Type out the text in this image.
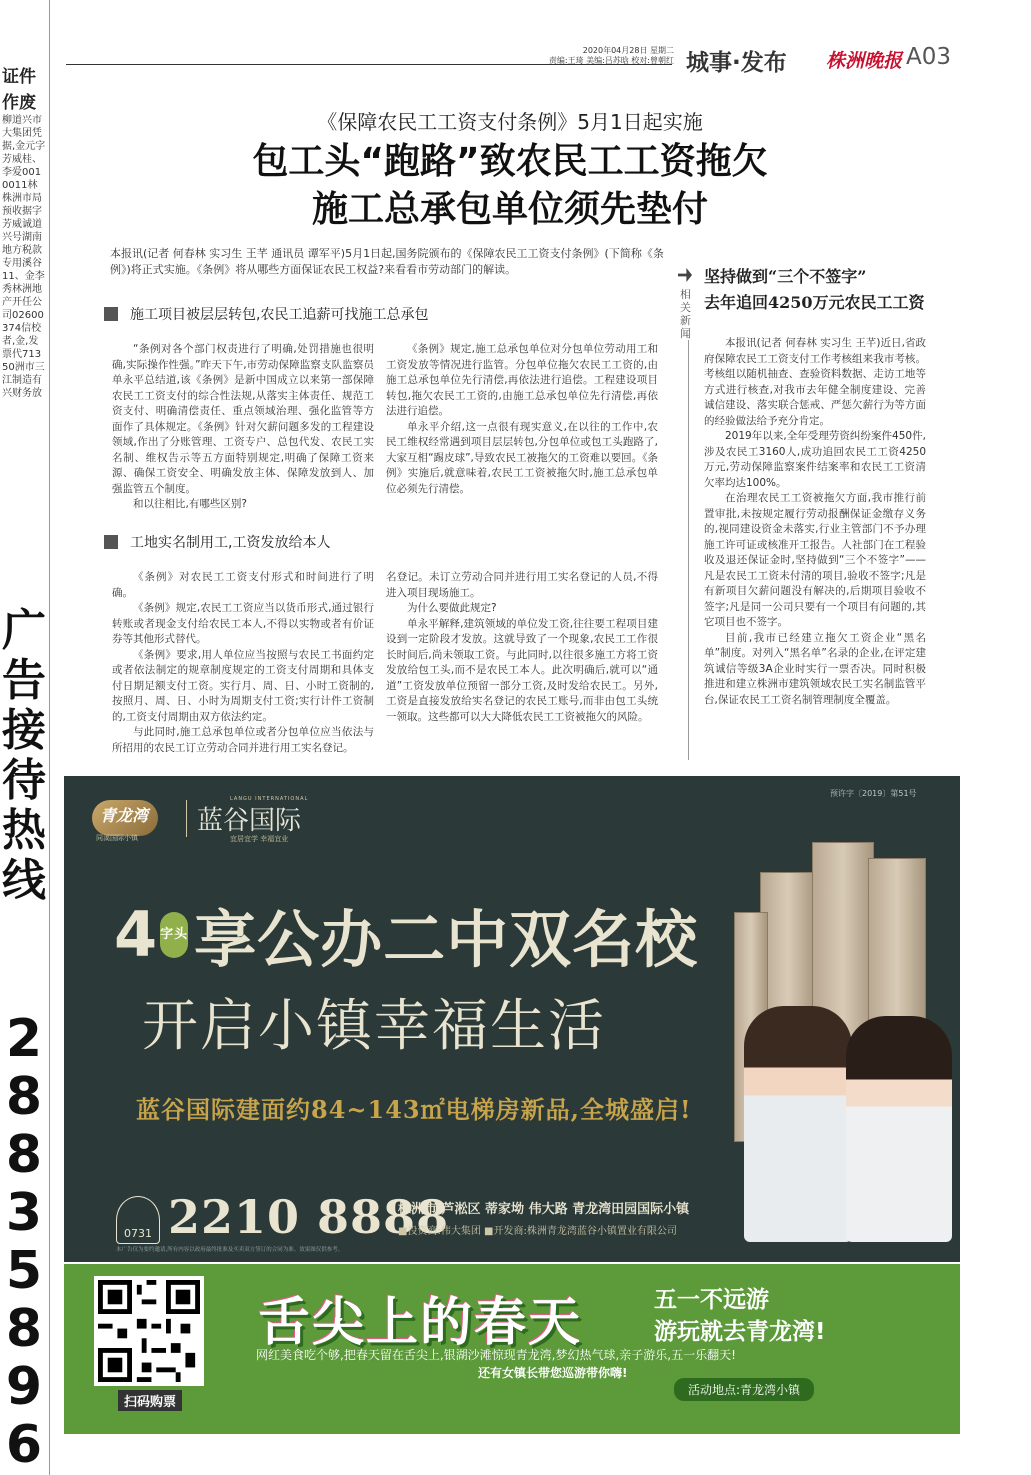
证件作废
柳道兴市大集团凭据,金元字芳威桂、李爱0010011林株洲市局预收据字芳威诚道兴号湖南地方税款专用溪谷11、金李秀林洲地产开任公司02600374信校者,金,发票代71350洲市三江制造有兴财务放
广告接待热线
28835896
2020年04月28日 星期二
责编:王琦 美编:吕苏晗 校对:曾朝红 城事·发布 株洲晚报 A03
《保障农民工工资支付条例》5月1日起实施
包工头“跑路”致农民工工资拖欠
施工总承包单位须先垫付
本报讯(记者 何春林 实习生 王芊 通讯员 谭军平)5月1日起,国务院颁布的《保障农民工工资支付条例》(下简称《条例》)将正式实施。《条例》将从哪些方面保证农民工权益?来看看市劳动部门的解读。
施工项目被层层转包,农民工追薪可找施工总承包

“条例对各个部门权责进行了明确,处罚措施也很明确,实际操作性强。”昨天下午,市劳动保障监察支队监察员单永平总结道,该《条例》是新中国成立以来第一部保障农民工工资支付的综合性法规,从落实主体责任、规范工资支付、明确清偿责任、重点领域治理、强化监管等方面作了具体规定。《条例》针对欠薪问题多发的工程建设领域,作出了分账管理、工资专户、总包代发、农民工实名制、维权告示等五方面特别规定,明确了保障工资来源、确保工资安全、明确发放主体、保障发放到人、加强监管五个制度。

和以往相比,有哪些区别?

《条例》规定,施工总承包单位对分包单位劳动用工和工资发放等情况进行监管。分包单位拖欠农民工工资的,由施工总承包单位先行清偿,再依法进行追偿。工程建设项目转包,拖欠农民工工资的,由施工总承包单位先行清偿,再依法进行追偿。

单永平介绍,这一点很有现实意义,在以往的工作中,农民工维权经常遇到项目层层转包,分包单位或包工头跑路了,大家互相“踢皮球”,导致农民工被拖欠的工资难以要回。《条例》实施后,就意味着,农民工工资被拖欠时,施工总承包单位必须先行清偿。

工地实名制用工,工资发放给本人

《条例》对农民工工资支付形式和时间进行了明确。

《条例》规定,农民工工资应当以货币形式,通过银行转账或者现金支付给农民工本人,不得以实物或者有价证券等其他形式替代。

《条例》要求,用人单位应当按照与农民工书面约定或者依法制定的规章制度规定的工资支付周期和具体支付日期足额支付工资。实行月、周、日、小时工资制的,按照月、周、日、小时为周期支付工资;实行计件工资制的,工资支付周期由双方依法约定。

与此同时,施工总承包单位或者分包单位应当依法与所招用的农民工订立劳动合同并进行用工实名登记。

名登记。未订立劳动合同并进行用工实名登记的人员,不得进入项目现场施工。

为什么要做此规定?

单永平解释,建筑领域的单位发工资,往往要工程项目建设到一定阶段才发放。这就导致了一个现象,农民工工作很长时间后,尚未领取工资。与此同时,以往很多施工方将工资发放给包工头,而不是农民工本人。此次明确后,就可以“通道”工资发放单位预留一部分工资,及时发给农民工。另外,工资是直接发放给实名登记的农民工账号,而非由包工头统一领取。这些都可以大大降低农民工工资被拖欠的风险。

相关新闻
坚持做到“三个不签字”
去年追回4250万元农民工工资

本报讯(记者 何春林 实习生 王芊)近日,省政府保障农民工工资支付工作考核组来我市考核。考核组以随机抽查、查验资料数据、走访工地等方式进行核查,对我市去年健全制度建设、完善诚信建设、落实联合惩戒、严惩欠薪行为等方面的经验做法给予充分肯定。

2019年以来,全年受理劳资纠纷案件450件,涉及农民工3160人,成功追回农民工工资4250万元,劳动保障监察案件结案率和农民工工资清欠率均达100%。

在治理农民工工资被拖欠方面,我市推行前置审批,未按规定履行劳动报酬保证金缴存义务的,视同建设资金未落实,行业主管部门不予办理施工许可证或核准开工报告。人社部门在工程验收及退还保证金时,坚持做到“三个不签字”——凡是农民工工资未付清的项目,验收不签字;凡是有新项目欠薪问题没有解决的,后期项目验收不签字;凡是同一公司只要有一个项目有问题的,其它项目也不签字。

目前,我市已经建立拖欠工资企业“黑名单”制度。对列入“黑名单”名录的企业,在评定建筑诚信等级3A企业时实行一票否决。同时积极推进和建立株洲市建筑领域农民工实名制监管平台,保证农民工工资名制管理制度全覆盖。

青龙湾
同溪国际小镇
LANGU INTERNATIONAL
蓝谷国际
宜居宜学 幸福宜业
预许字〔2019〕第51号
4 字头 享公办二中双名校
开启小镇幸福生活
蓝谷国际建面约84~143㎡电梯房新品,全城盛启!
0731 2210 8888
株洲市 芦淞区 蒂家坳 伟大路 青龙湾田园国际小镇
■投资商:伟大集团 ■开发商:株洲青龙湾蓝谷小镇置业有限公司
本广告仅为要约邀请,所有内容以政府最终批准及买卖双方签订的合同为准。效果图仅供参考。
扫码购票
舌尖上的春天	五一不远游
游玩就去青龙湾!
网红美食吃个够,把春天留在舌尖上,银湖沙滩惊现青龙湾,梦幻热气球,亲子游乐,五一乐翻天!
还有女镇长带您巡游带你嗨!
活动地点:青龙湾小镇
